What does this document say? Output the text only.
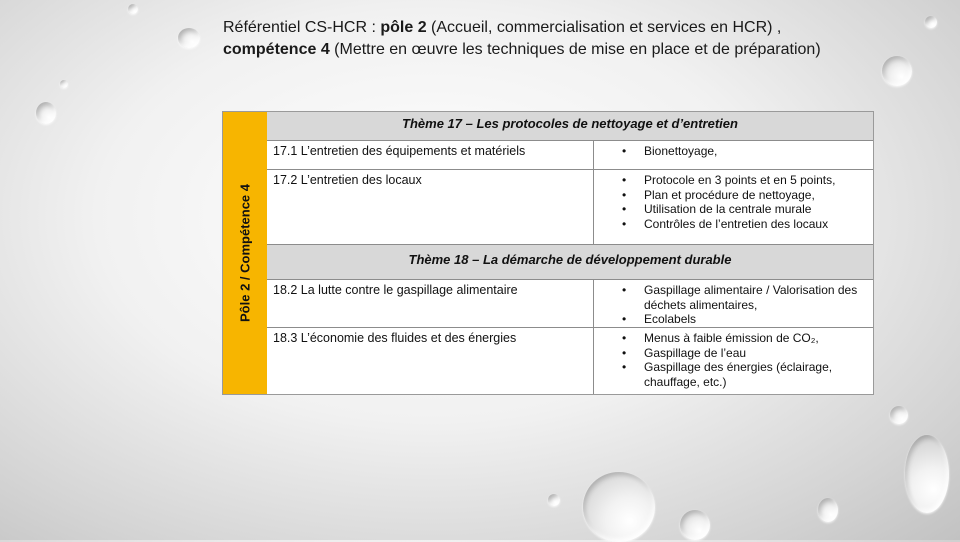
Référentiel CS-HCR : pôle 2 (Accueil, commercialisation et services en HCR) ,
compétence 4 (Mettre en œuvre les techniques de mise en place et de préparation)
Pôle 2 / Compétence 4
Thème 17 – Les protocoles de nettoyage et d’entretien
17.1 L’entretien des équipements et matériels	• Bionettoyage,
17.2 L’entretien des locaux	• Protocole en 3 points et en 5 points,
• Plan et procédure de nettoyage,
• Utilisation de la centrale murale
• Contrôles de l’entretien des locaux
Thème 18 – La démarche de développement durable
18.2 La lutte contre le gaspillage alimentaire	• Gaspillage alimentaire / Valorisation des déchets alimentaires,
• Ecolabels
18.3 L’économie des fluides et des énergies	• Menus à faible émission de CO₂,
• Gaspillage de l’eau
• Gaspillage des énergies (éclairage, chauffage, etc.)
